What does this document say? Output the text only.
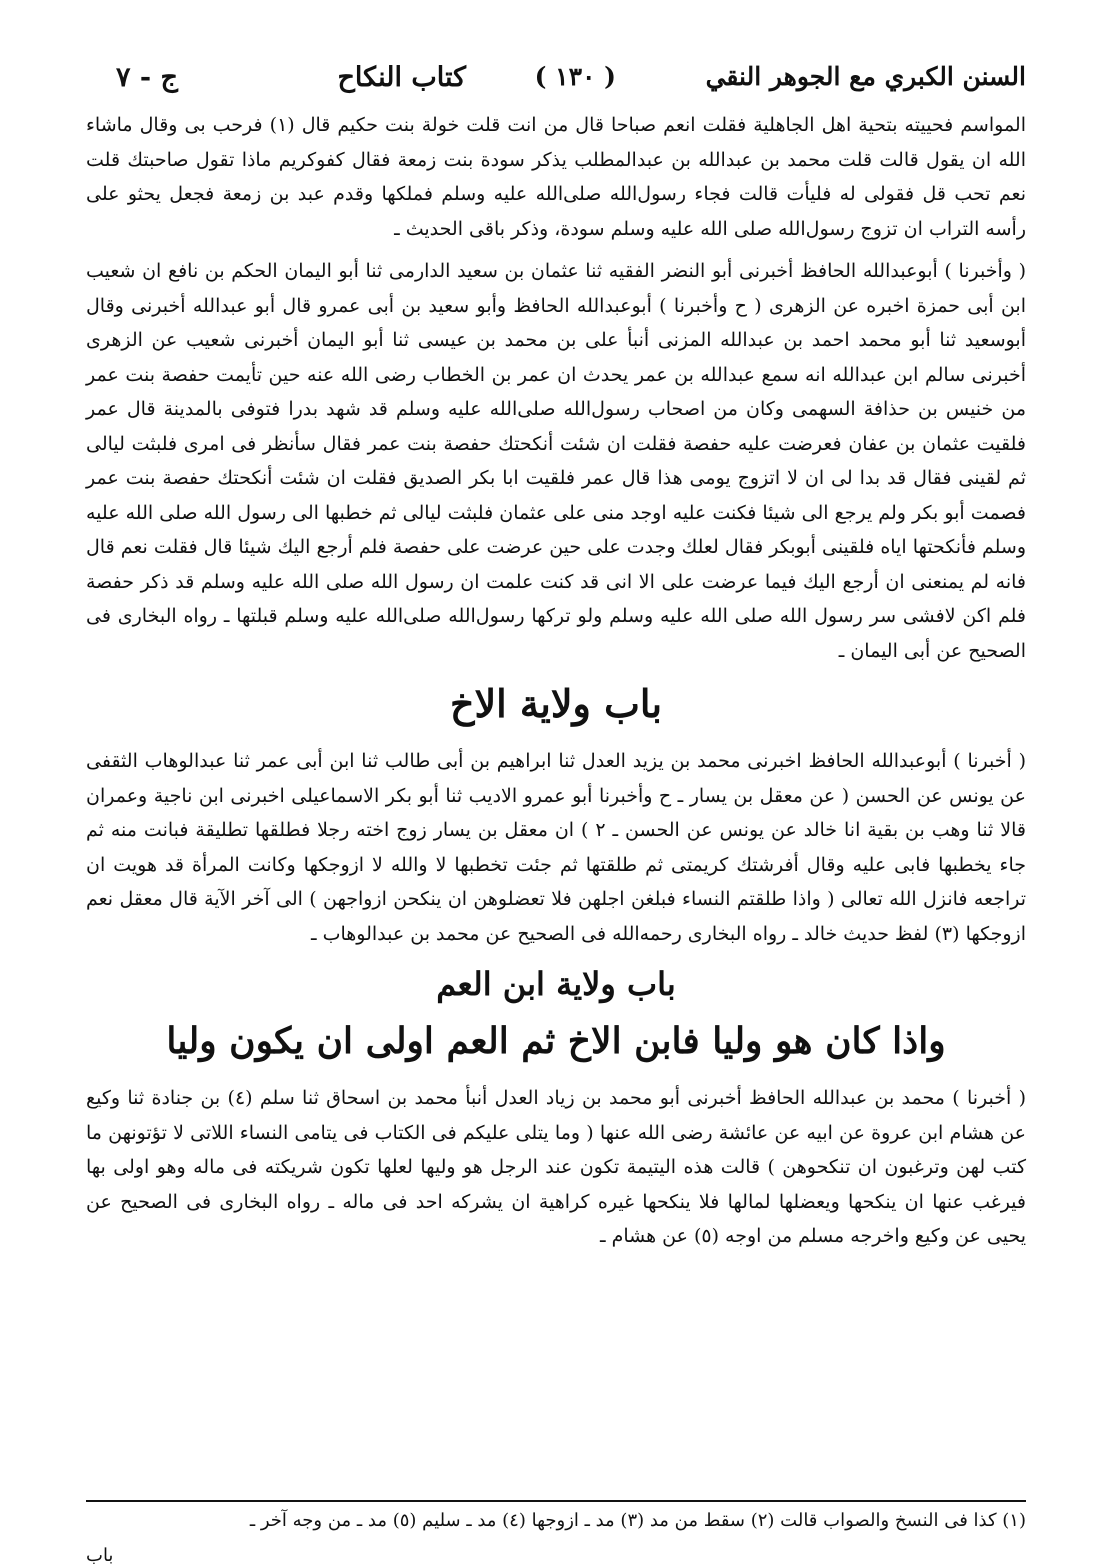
السنن الكبري مع الجوهر النقي
( ١٣٠ )
كتاب النكاح
ج - ٧

المواسم فحييته بتحية اهل الجاهلية فقلت انعم صباحا قال من انت قلت خولة بنت حكيم قال (١) فرحب بى وقال ماشاء الله ان يقول قالت قلت محمد بن عبدالله بن عبدالمطلب يذكر سودة بنت زمعة فقال كفوكريم ماذا تقول صاحبتك قلت نعم تحب قل فقولى له فليأت قالت فجاء رسول‌الله صلى‌الله عليه وسلم فملكها وقدم عبد بن زمعة فجعل يحثو على رأسه التراب ان تزوج رسول‌الله صلى الله عليه وسلم سودة، وذكر باقى الحديث ـ

( وأخبرنا ) أبوعبدالله الحافظ أخبرنى أبو النضر الفقيه ثنا عثمان بن سعيد الدارمى ثنا أبو اليمان الحكم بن نافع ان شعيب ابن أبى حمزة اخبره عن الزهرى ( ح وأخبرنا ) أبوعبدالله الحافظ وأبو سعيد بن أبى عمرو قال أبو عبدالله أخبرنى وقال أبوسعيد ثنا أبو محمد احمد بن عبدالله المزنى أنبأ على بن محمد بن عيسى ثنا أبو اليمان أخبرنى شعيب عن الزهرى أخبرنى سالم ابن عبدالله انه سمع عبدالله بن عمر يحدث ان عمر بن الخطاب رضى الله عنه حين تأيمت حفصة بنت عمر من خنيس بن حذافة السهمى وكان من اصحاب رسول‌الله صلى‌الله عليه وسلم قد شهد بدرا فتوفى بالمدينة قال عمر فلقيت عثمان بن عفان فعرضت عليه حفصة فقلت ان شئت أنكحتك حفصة بنت عمر فقال سأنظر فى امرى فلبثت ليالى ثم لقينى فقال قد بدا لى ان لا اتزوج يومى هذا قال عمر فلقيت ابا بكر الصديق فقلت ان شئت أنكحتك حفصة بنت عمر فصمت أبو بكر ولم يرجع الى شيئا فكنت عليه اوجد منى على عثمان فلبثت ليالى ثم خطبها الى رسول الله صلى الله عليه وسلم فأنكحتها اياه فلقينى أبوبكر فقال لعلك وجدت على حين عرضت على حفصة فلم أرجع اليك شيئا قال فقلت نعم قال فانه لم يمنعنى ان أرجع اليك فيما عرضت على الا انى قد كنت علمت ان رسول الله صلى الله عليه وسلم قد ذكر حفصة فلم اكن لافشى سر رسول الله صلى الله عليه وسلم ولو تركها رسول‌الله صلى‌الله عليه وسلم قبلتها ـ رواه البخارى فى الصحيح عن أبى اليمان ـ

باب ولاية الاخ

( أخبرنا ) أبوعبدالله الحافظ اخبرنى محمد بن يزيد العدل ثنا ابراهيم بن أبى طالب ثنا ابن أبى عمر ثنا عبدالوهاب الثقفى عن يونس عن الحسن ( عن معقل بن يسار ـ ح وأخبرنا أبو عمرو الاديب ثنا أبو بكر الاسماعيلى اخبرنى ابن ناجية وعمران قالا ثنا وهب بن بقية انا خالد عن يونس عن الحسن ـ ٢ ) ان معقل بن يسار زوج اخته رجلا فطلقها تطليقة فبانت منه ثم جاء يخطبها فابى عليه وقال أفرشتك كريمتى ثم طلقتها ثم جئت تخطبها لا والله لا ازوجكها وكانت المرأة قد هويت ان تراجعه فانزل الله تعالى ( واذا طلقتم النساء فبلغن اجلهن فلا تعضلوهن ان ينكحن ازواجهن ) الى آخر الآية قال معقل نعم ازوجكها (٣) لفظ حديث خالد ـ رواه البخارى رحمه‌الله فى الصحيح عن محمد بن عبدالوهاب ـ

باب ولاية ابن العم
واذا كان هو وليا فابن الاخ ثم العم اولى ان يكون وليا

( أخبرنا ) محمد بن عبدالله الحافظ أخبرنى أبو محمد بن زياد العدل أنبأ محمد بن اسحاق ثنا سلم (٤) بن جنادة ثنا وكيع عن هشام ابن عروة عن ابيه عن عائشة رضى الله عنها ( وما يتلى عليكم فى الكتاب فى يتامى النساء اللاتى لا تؤتونهن ما كتب لهن وترغبون ان تنكحوهن ) قالت هذه اليتيمة تكون عند الرجل هو وليها لعلها تكون شريكته فى ماله وهو اولى بها فيرغب عنها ان ينكحها ويعضلها لمالها فلا ينكحها غيره كراهية ان يشركه احد فى ماله ـ رواه البخارى فى الصحيح عن يحيى عن وكيع واخرجه مسلم من اوجه (٥) عن هشام ـ

(١) كذا فى النسخ والصواب قالت (٢) سقط من مد (٣) مد ـ ازوجها (٤) مد ـ سليم (٥) مد ـ من وجه آخر ـ
باب
